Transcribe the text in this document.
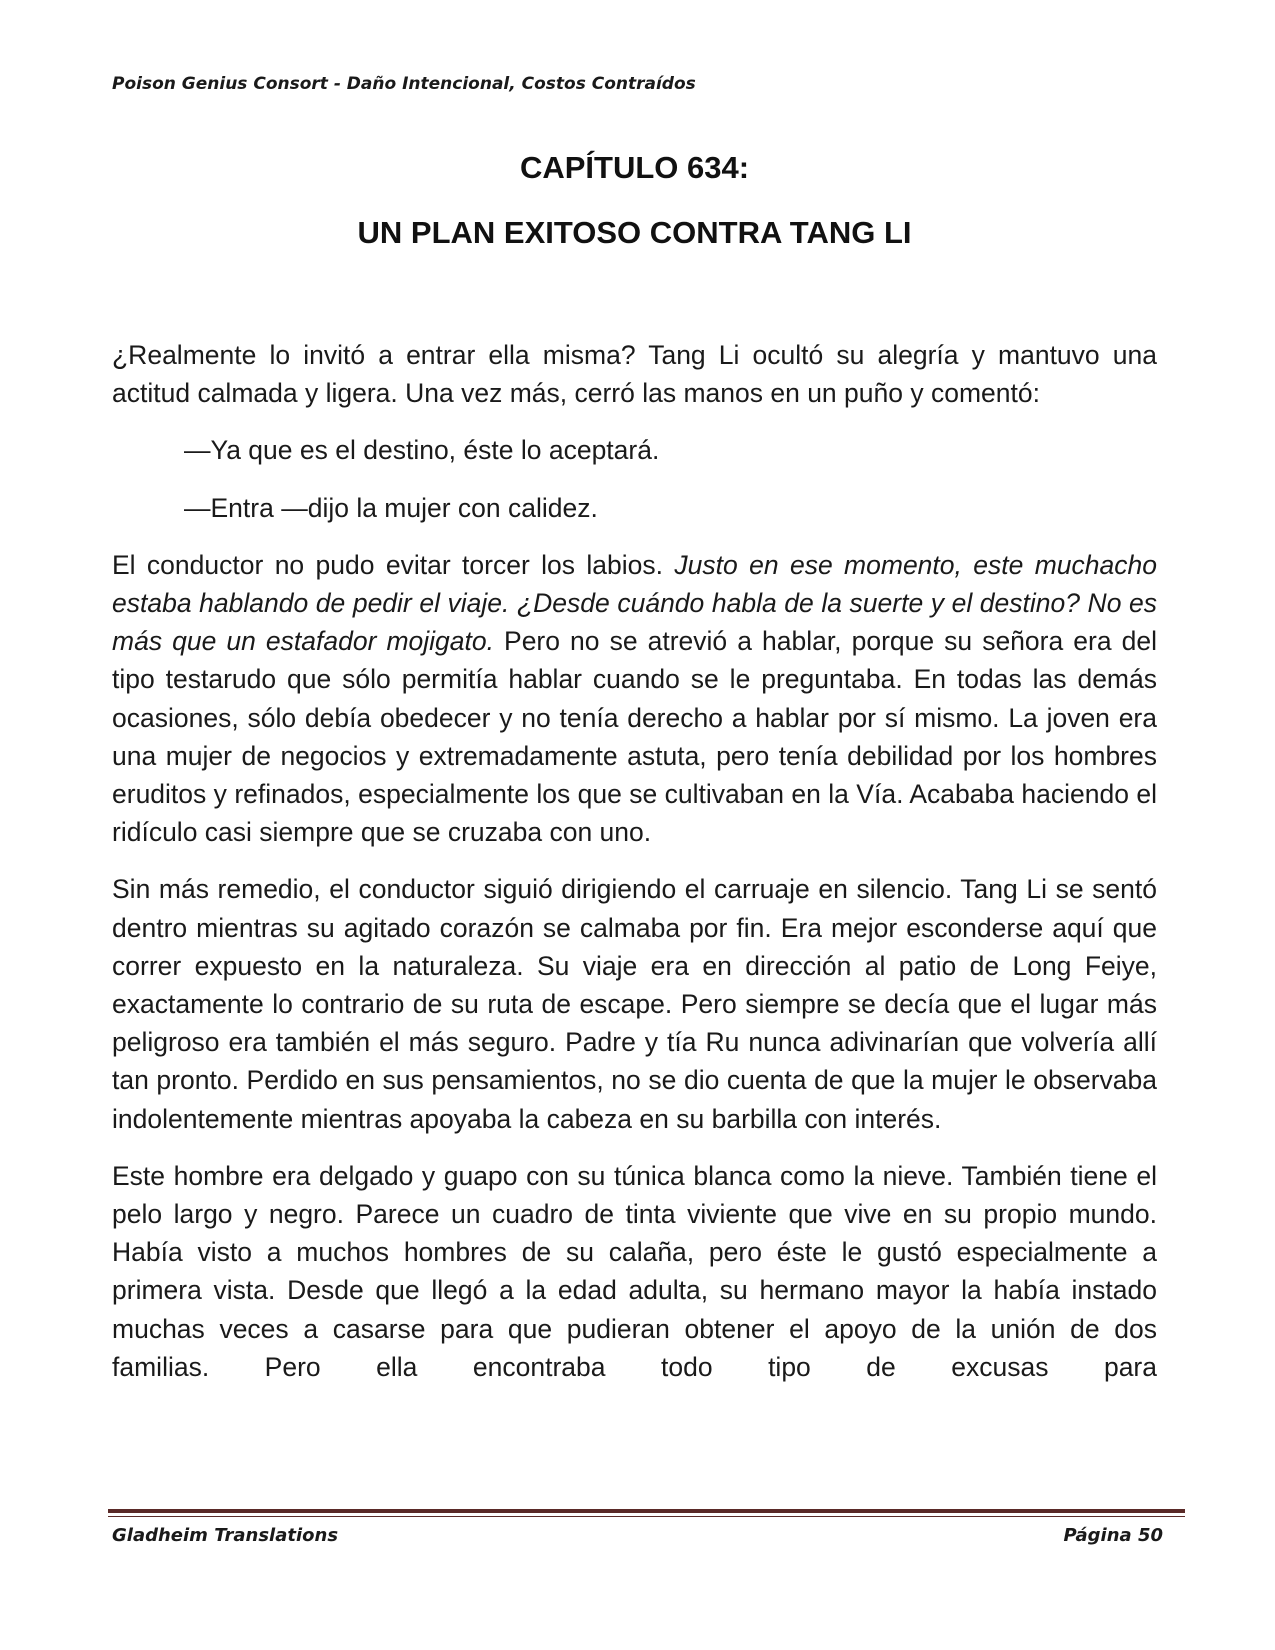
Poison Genius Consort - Daño Intencional, Costos Contraídos
CAPÍTULO 634:
UN PLAN EXITOSO CONTRA TANG LI

¿Realmente lo invitó a entrar ella misma? Tang Li ocultó su alegría y mantuvo una actitud calmada y ligera. Una vez más, cerró las manos en un puño y comentó:

—Ya que es el destino, éste lo aceptará.

—Entra —dijo la mujer con calidez.

El conductor no pudo evitar torcer los labios. Justo en ese momento, este muchacho estaba hablando de pedir el viaje. ¿Desde cuándo habla de la suerte y el destino? No es más que un estafador mojigato. Pero no se atrevió a hablar, porque su señora era del tipo testarudo que sólo permitía hablar cuando se le preguntaba. En todas las demás ocasiones, sólo debía obedecer y no tenía derecho a hablar por sí mismo. La joven era una mujer de negocios y extremadamente astuta, pero tenía debilidad por los hombres eruditos y refinados, especialmente los que se cultivaban en la Vía. Acababa haciendo el ridículo casi siempre que se cruzaba con uno.

Sin más remedio, el conductor siguió dirigiendo el carruaje en silencio. Tang Li se sentó dentro mientras su agitado corazón se calmaba por fin. Era mejor esconderse aquí que correr expuesto en la naturaleza. Su viaje era en dirección al patio de Long Feiye, exactamente lo contrario de su ruta de escape. Pero siempre se decía que el lugar más peligroso era también el más seguro. Padre y tía Ru nunca adivinarían que volvería allí tan pronto. Perdido en sus pensamientos, no se dio cuenta de que la mujer le observaba indolentemente mientras apoyaba la cabeza en su barbilla con interés.

Este hombre era delgado y guapo con su túnica blanca como la nieve. También tiene el pelo largo y negro. Parece un cuadro de tinta viviente que vive en su propio mundo. Había visto a muchos hombres de su calaña, pero éste le gustó especialmente a primera vista. Desde que llegó a la edad adulta, su hermano mayor la había instado muchas veces a casarse para que pudieran obtener el apoyo de la unión de dos familias. Pero ella encontraba todo tipo de excusas para

Gladheim Translations	Página 50
